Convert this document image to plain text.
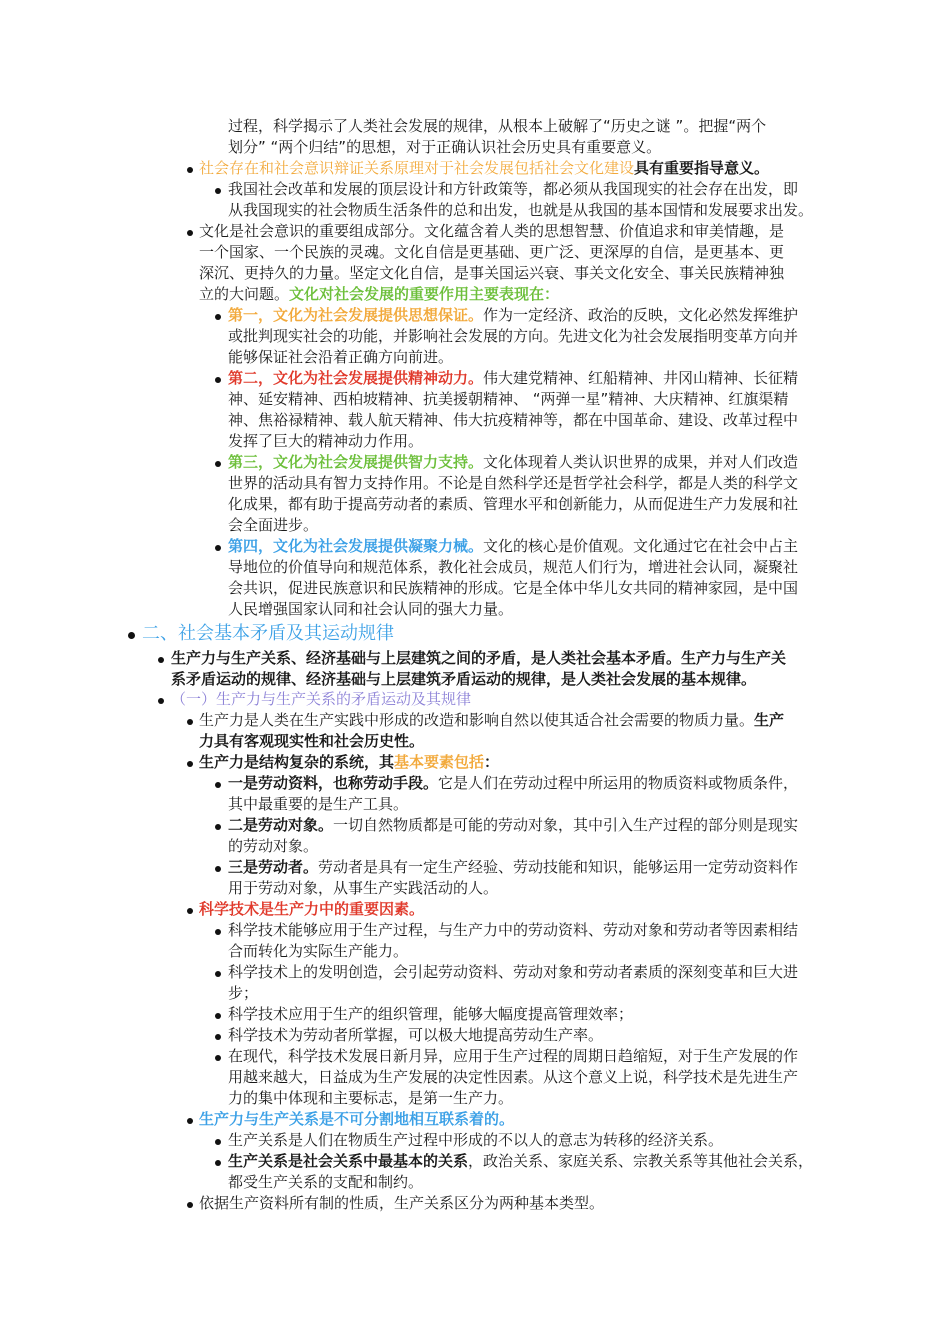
过程，科学揭示了人类社会发展的规律，从根本上破解了“历史之谜 ”。把握“两个
划分” “两个归结”的思想，对于正确认识社会历史具有重要意义。
社会存在和社会意识辩证关系原理对于社会发展包括社会文化建设具有重要指导意义。
我国社会改革和发展的顶层设计和方针政策等，都必须从我国现实的社会存在出发，即
从我国现实的社会物质生活条件的总和出发，也就是从我国的基本国情和发展要求出发。
文化是社会意识的重要组成部分。文化蕴含着人类的思想智慧、价值追求和审美情趣，是
一个国家、一个民族的灵魂。文化自信是更基础、更广泛、更深厚的自信，是更基本、更
深沉、更持久的力量。坚定文化自信，是事关国运兴衰、事关文化安全、事关民族精神独
立的大问题。文化对社会发展的重要作用主要表现在：
第一，文化为社会发展提供思想保证。作为一定经济、政治的反映，文化必然发挥维护
或批判现实社会的功能，并影响社会发展的方向。先进文化为社会发展指明变革方向并
能够保证社会沿着正确方向前进。
第二，文化为社会发展提供精神动力。伟大建党精神、红船精神、井冈山精神、长征精
神、延安精神、西柏坡精神、抗美援朝精神、 “两弹一星”精神、大庆精神、红旗渠精
神、焦裕禄精神、载人航天精神、伟大抗疫精神等，都在中国革命、建设、改革过程中
发挥了巨大的精神动力作用。
第三，文化为社会发展提供智力支持。文化体现着人类认识世界的成果，并对人们改造
世界的活动具有智力支持作用。不论是自然科学还是哲学社会科学，都是人类的科学文
化成果，都有助于提高劳动者的素质、管理水平和创新能力，从而促进生产力发展和社
会全面进步。
第四，文化为社会发展提供凝聚力械。文化的核心是价值观。文化通过它在社会中占主
导地位的价值导向和规范体系，教化社会成员，规范人们行为，增进社会认同，凝聚社
会共识，促进民族意识和民族精神的形成。它是全体中华儿女共同的精神家园，是中国
人民增强国家认同和社会认同的强大力量。
二、社会基本矛盾及其运动规律
生产力与生产关系、经济基础与上层建筑之间的矛盾，是人类社会基本矛盾。生产力与生产关
系矛盾运动的规律、经济基础与上层建筑矛盾运动的规律，是人类社会发展的基本规律。
（一）生产力与生产关系的矛盾运动及其规律
生产力是人类在生产实践中形成的改造和影响自然以使其适合社会需要的物质力量。生产
力具有客观现实性和社会历史性。
生产力是结构复杂的系统，其基本要素包括：
一是劳动资料，也称劳动手段。它是人们在劳动过程中所运用的物质资料或物质条件，
其中最重要的是生产工具。
二是劳动对象。一切自然物质都是可能的劳动对象，其中引入生产过程的部分则是现实
的劳动对象。
三是劳动者。劳动者是具有一定生产经验、劳动技能和知识，能够运用一定劳动资料作
用于劳动对象，从事生产实践活动的人。
科学技术是生产力中的重要因素。
科学技术能够应用于生产过程，与生产力中的劳动资料、劳动对象和劳动者等因素相结
合而转化为实际生产能力。
科学技术上的发明创造，会引起劳动资料、劳动对象和劳动者素质的深刻变革和巨大进
步；
科学技术应用于生产的组织管理，能够大幅度提高管理效率；
科学技术为劳动者所掌握，可以极大地提高劳动生产率。
在现代，科学技术发展日新月异，应用于生产过程的周期日趋缩短，对于生产发展的作
用越来越大，日益成为生产发展的决定性因素。从这个意义上说，科学技术是先进生产
力的集中体现和主要标志，是第一生产力。
生产力与生产关系是不可分割地相互联系着的。
生产关系是人们在物质生产过程中形成的不以人的意志为转移的经济关系。
生产关系是社会关系中最基本的关系，政治关系、家庭关系、宗教关系等其他社会关系，
都受生产关系的支配和制约。
依据生产资料所有制的性质，生产关系区分为两种基本类型。
